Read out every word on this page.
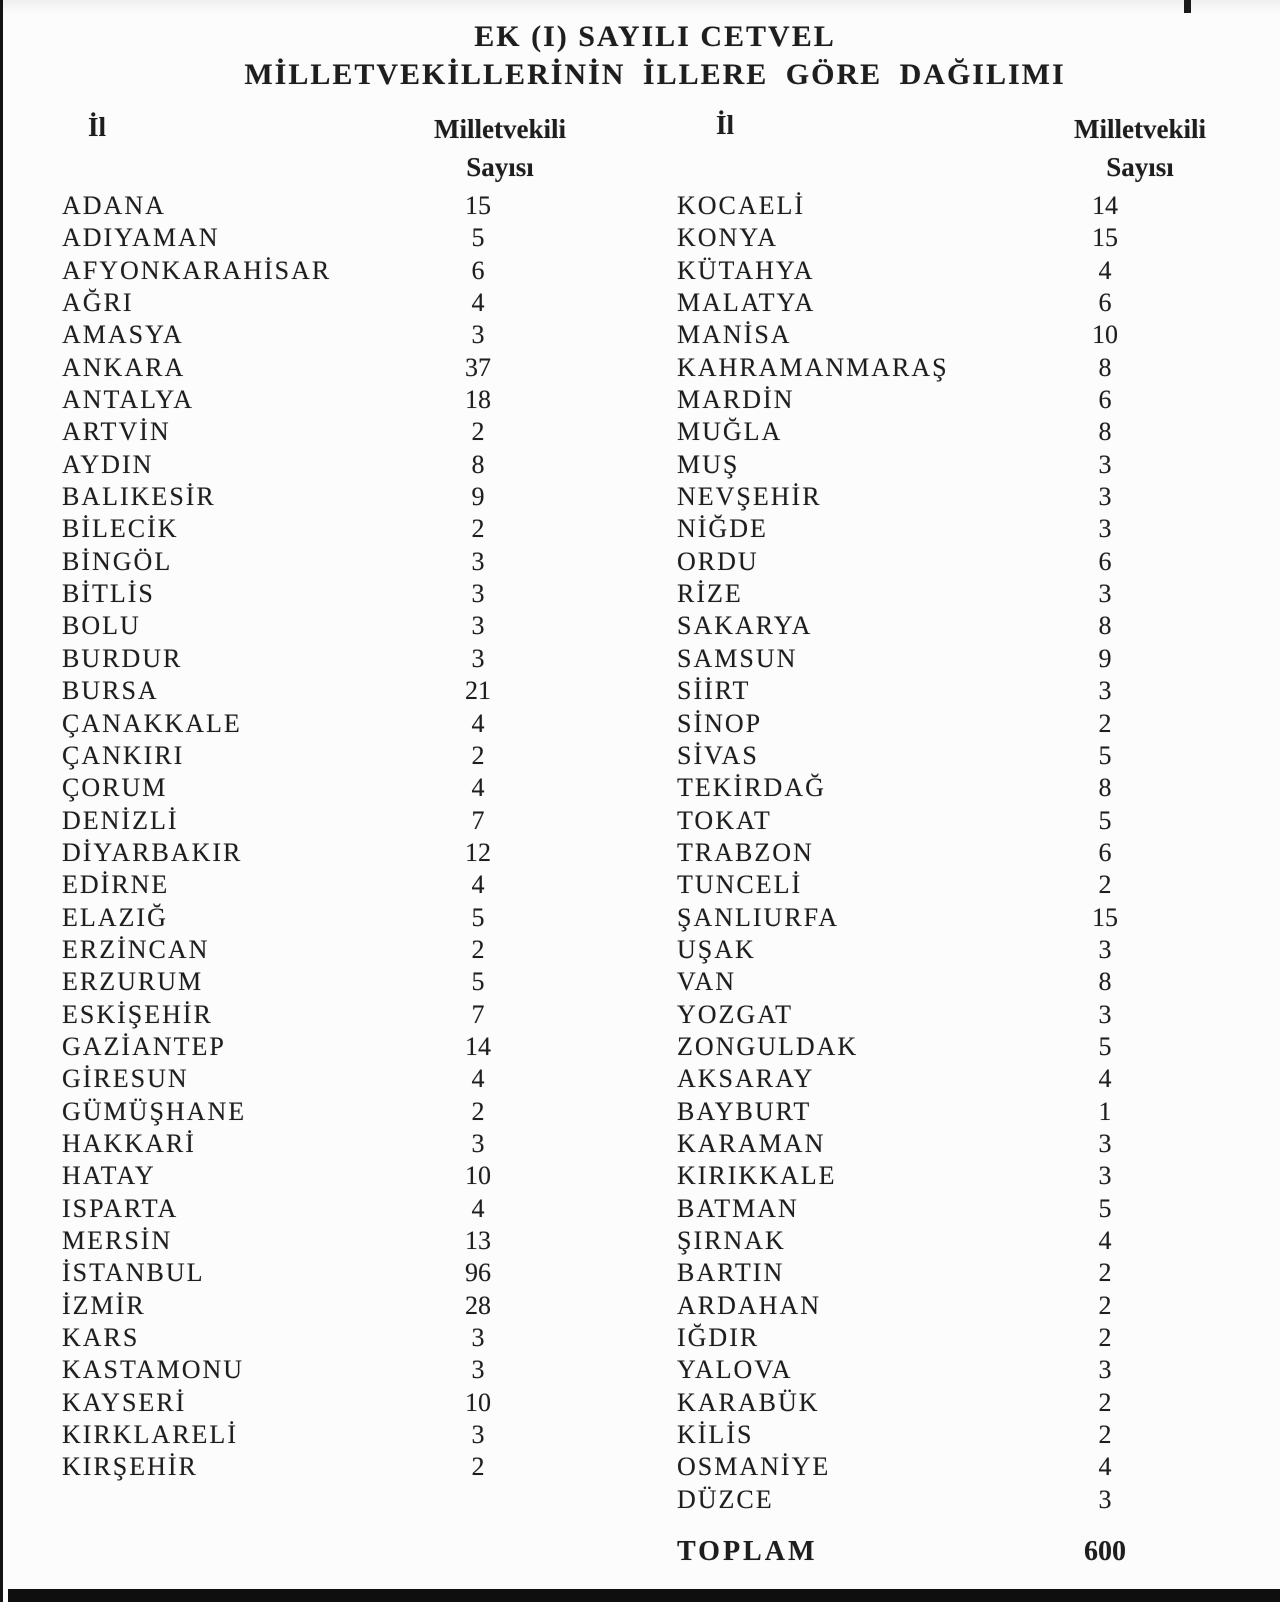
EK (I) SAYILI CETVEL
MİLLETVEKİLLERİNİN İLLERE GÖRE DAĞILIMI
İl	Milletvekili
Sayısı
İl	Milletvekili
Sayısı
ADANA	15
ADIYAMAN	5
AFYONKARAHİSAR	6
AĞRI	4
AMASYA	3
ANKARA	37
ANTALYA	18
ARTVİN	2
AYDIN	8
BALIKESİR	9
BİLECİK	2
BİNGÖL	3
BİTLİS	3
BOLU	3
BURDUR	3
BURSA	21
ÇANAKKALE	4
ÇANKIRI	2
ÇORUM	4
DENİZLİ	7
DİYARBAKIR	12
EDİRNE	4
ELAZIĞ	5
ERZİNCAN	2
ERZURUM	5
ESKİŞEHİR	7
GAZİANTEP	14
GİRESUN	4
GÜMÜŞHANE	2
HAKKARİ	3
HATAY	10
ISPARTA	4
MERSİN	13
İSTANBUL	96
İZMİR	28
KARS	3
KASTAMONU	3
KAYSERİ	10
KIRKLARELİ	3
KIRŞEHİR	2
KOCAELİ	14
KONYA	15
KÜTAHYA	4
MALATYA	6
MANİSA	10
KAHRAMANMARAŞ	8
MARDİN	6
MUĞLA	8
MUŞ	3
NEVŞEHİR	3
NİĞDE	3
ORDU	6
RİZE	3
SAKARYA	8
SAMSUN	9
SİİRT	3
SİNOP	2
SİVAS	5
TEKİRDAĞ	8
TOKAT	5
TRABZON	6
TUNCELİ	2
ŞANLIURFA	15
UŞAK	3
VAN	8
YOZGAT	3
ZONGULDAK	5
AKSARAY	4
BAYBURT	1
KARAMAN	3
KIRIKKALE	3
BATMAN	5
ŞIRNAK	4
BARTIN	2
ARDAHAN	2
IĞDIR	2
YALOVA	3
KARABÜK	2
KİLİS	2
OSMANİYE	4
DÜZCE	3
TOPLAM	600
